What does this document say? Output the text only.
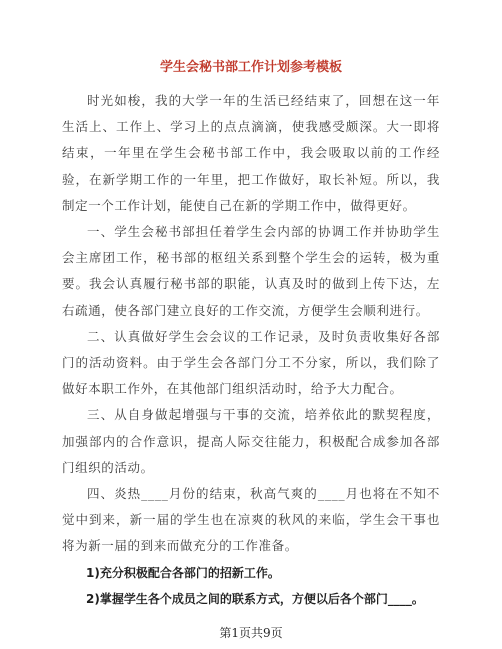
学生会秘书部工作计划参考模板

时光如梭，我的大学一年的生活已经结束了，回想在这一年生活上、工作上、学习上的点点滴滴，使我感受颇深。大一即将结束，一年里在学生会秘书部工作中，我会吸取以前的工作经验，在新学期工作的一年里，把工作做好，取长补短。所以，我制定一个工作计划，能使自己在新的学期工作中，做得更好。

一、学生会秘书部担任着学生会内部的协调工作并协助学生会主席团工作，秘书部的枢纽关系到整个学生会的运转，极为重要。我会认真履行秘书部的职能，认真及时的做到上传下达，左右疏通，使各部门建立良好的工作交流，方便学生会顺利进行。

二、认真做好学生会会议的工作记录，及时负责收集好各部门的活动资料。由于学生会各部门分工不分家，所以，我们除了做好本职工作外，在其他部门组织活动时，给予大力配合。

三、从自身做起增强与干事的交流，培养依此的默契程度，加强部内的合作意识，提高人际交往能力，积极配合成参加各部门组织的活动。

四、炎热____月份的结束，秋高气爽的____月也将在不知不觉中到来，新一届的学生也在凉爽的秋风的来临，学生会干事也将为新一届的到来而做充分的工作准备。

1)充分积极配合各部门的招新工作。

2)掌握学生各个成员之间的联系方式，方便以后各个部门____。

第1页共9页
